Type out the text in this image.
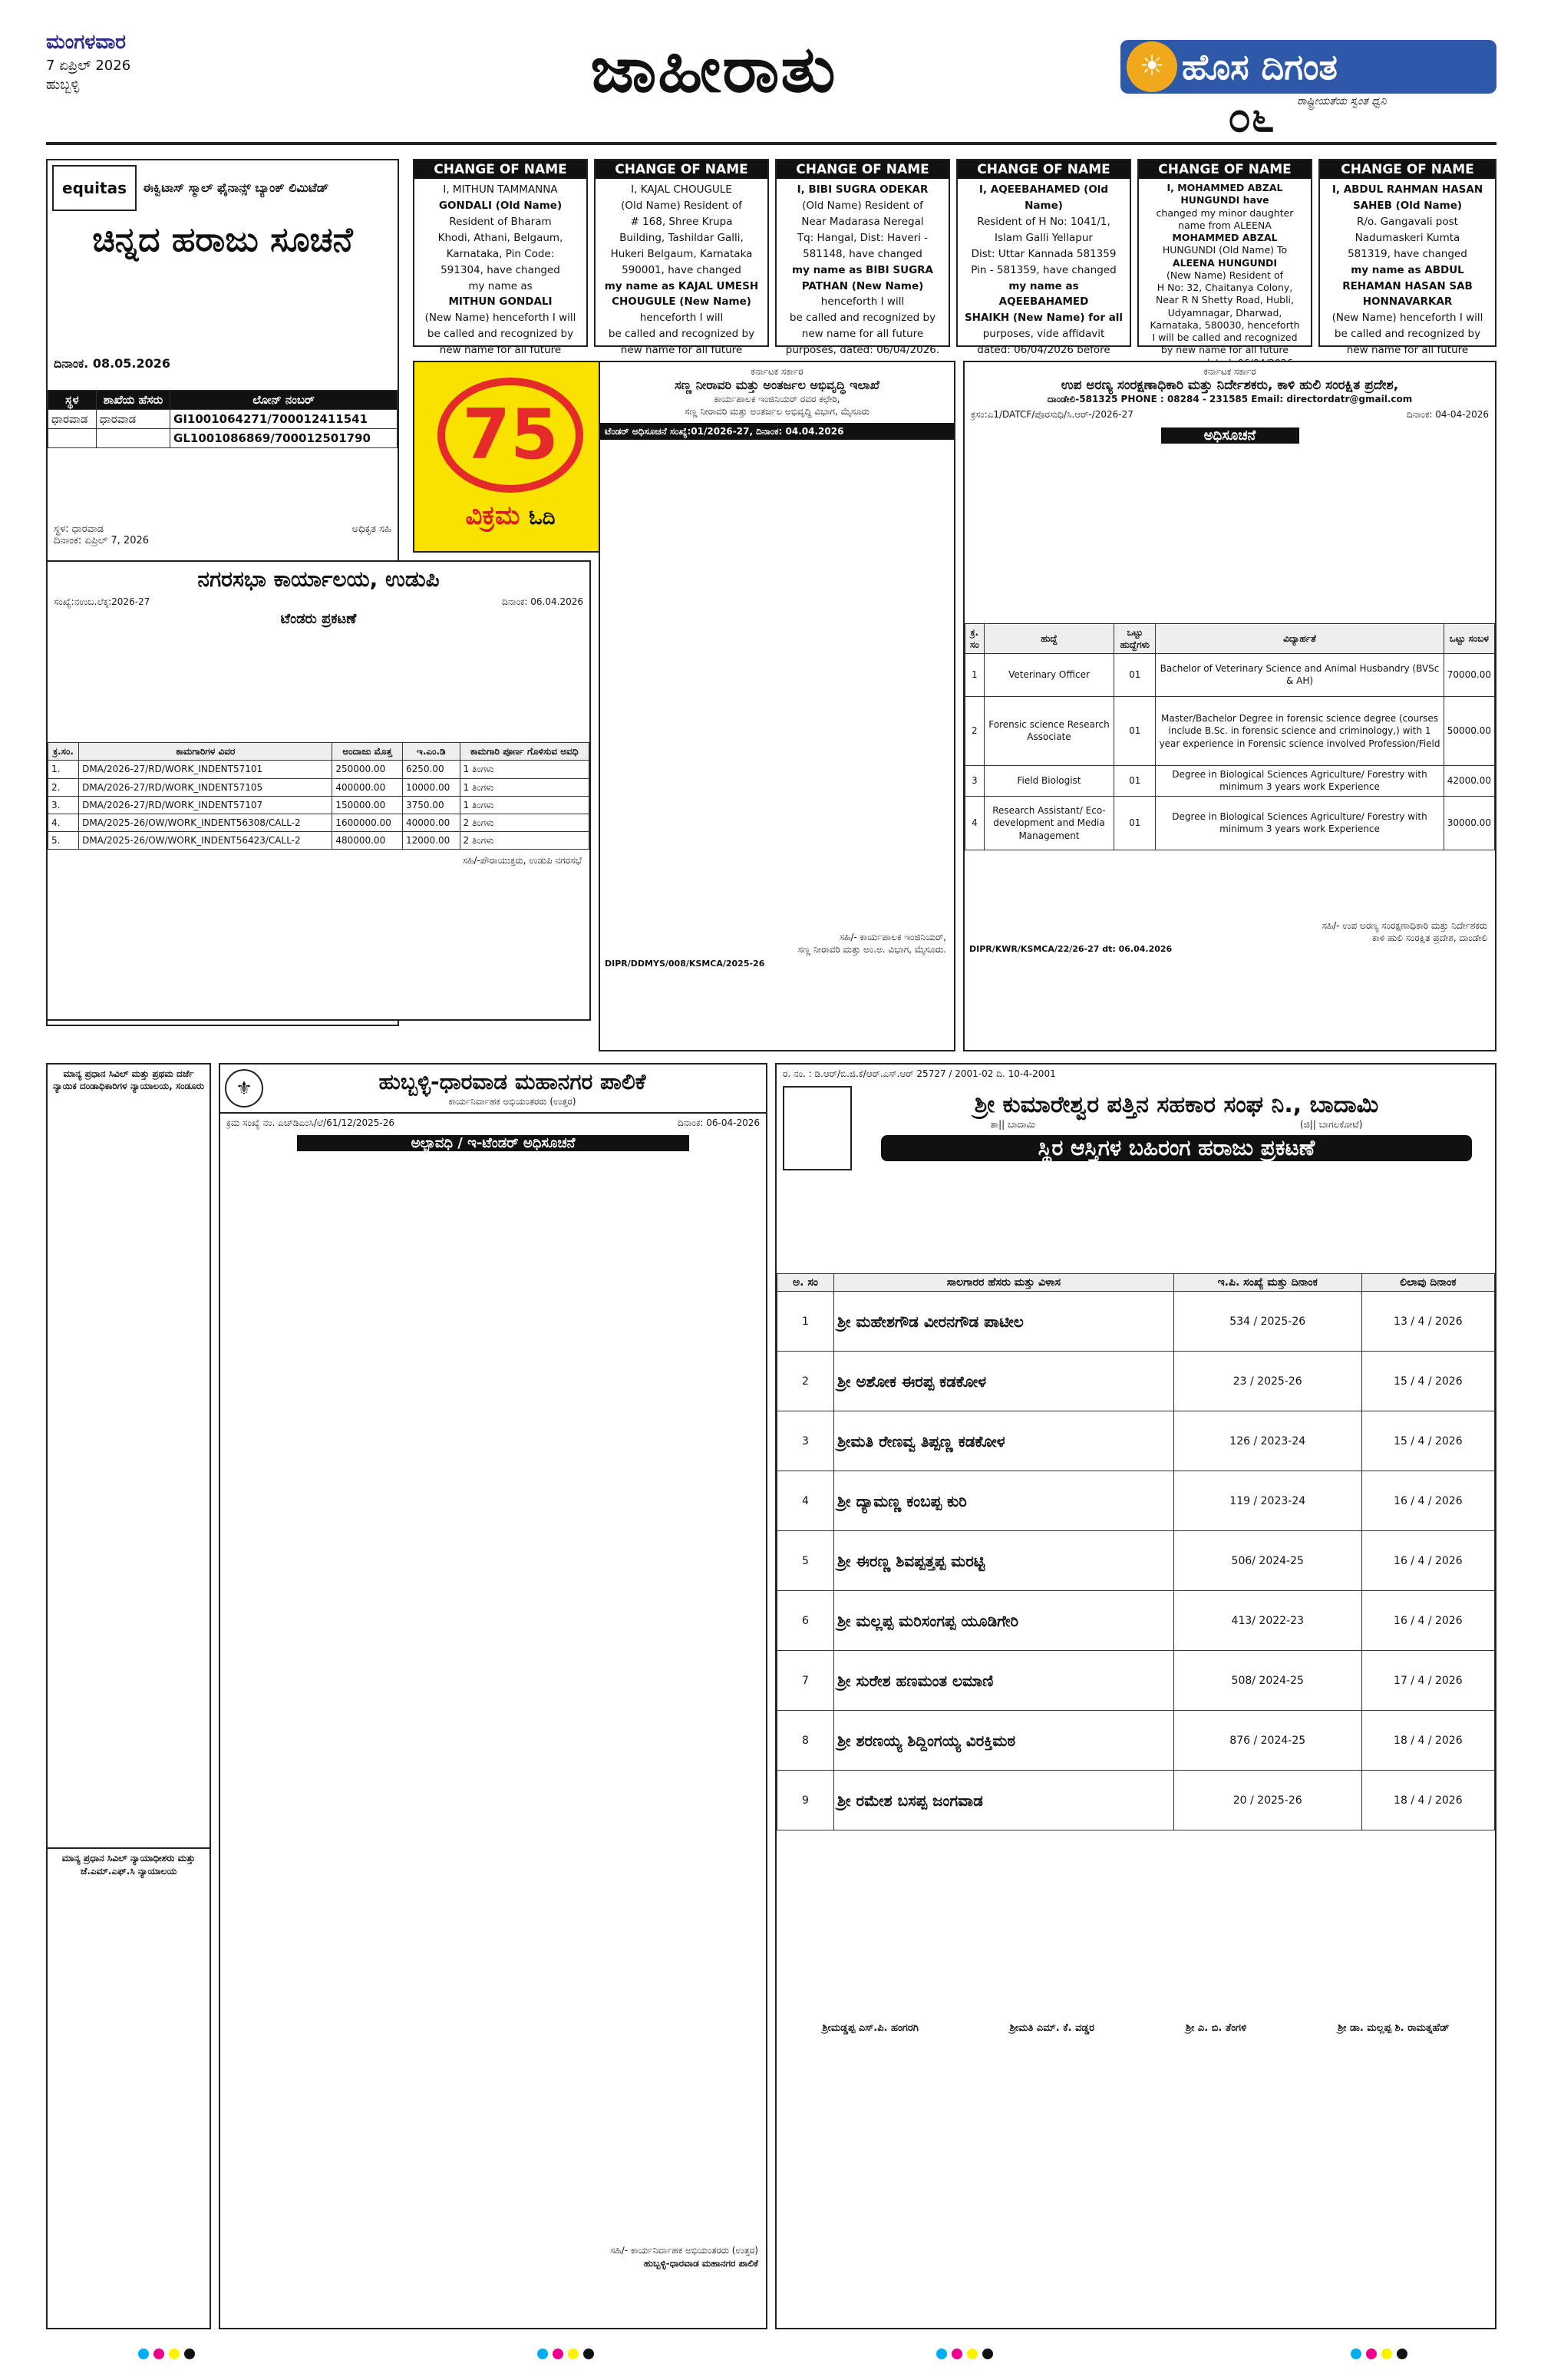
ಮಂಗಳವಾರ
7 ಏಪ್ರಿಲ್ 2026
ಹುಬ್ಬಳ್ಳಿ	ಜಾಹೀರಾತು	ಹೊಸ ದಿಗಂತ
☀
೦೬ ರಾಷ್ಟ್ರೀಯತೆಯ ಸ್ವಂತ ಧ್ವನಿ
equitas	ಈಕ್ವಿಟಾಸ್ ಸ್ಮಾಲ್ ಫೈನಾನ್ಸ್ ಬ್ಯಾಂಕ್ ಲಿಮಿಟೆಡ್
ಚಿನ್ನದ ಹರಾಜು ಸೂಚನೆ
ದಿನಾಂಕ. 08.05.2026
ಸ್ಥಳ	ಶಾಖೆಯ ಹೆಸರು	ಲೋನ್ ನಂಬರ್
ಧಾರವಾಡ	ಧಾರವಾಡ	GI1001064271/700012411541
		GL1001086869/700012501790
ಸ್ಥಳ: ಧಾರವಾಡ
ದಿನಾಂಕ: ಏಪ್ರಿಲ್ 7, 2026
ಅಧಿಕೃತ ಸಹಿ
CHANGE OF NAME
I, MITHUN TAMMANNA
GONDALI (Old Name)
Resident of Bharam
Khodi, Athani, Belgaum,
Karnataka, Pin Code:
591304, have changed
my name as
MITHUN GONDALI
(New Name) henceforth I will
be called and recognized by
new name for all future
CHANGE OF NAME
I, KAJAL CHOUGULE
(Old Name) Resident of
# 168, Shree Krupa
Building, Tashildar Galli,
Hukeri Belgaum, Karnataka
590001, have changed
my name as KAJAL UMESH
CHOUGULE (New Name)
henceforth I will
be called and recognized by
new name for all future
CHANGE OF NAME
I, BIBI SUGRA ODEKAR
(Old Name) Resident of
Near Madarasa Neregal
Tq: Hangal, Dist: Haveri -
581148, have changed
my name as BIBI SUGRA
PATHAN (New Name)
henceforth I will
be called and recognized by
new name for all future
purposes, dated: 06/04/2026.
CHANGE OF NAME
I, AQEEBAHAMED (Old Name)
Resident of H No: 1041/1,
Islam Galli Yellapur
Dist: Uttar Kannada 581359
Pin - 581359, have changed
my name as AQEEBAHAMED
SHAIKH (New Name) for all
purposes, vide affidavit
dated: 06/04/2026 before
CHANGE OF NAME
I, MOHAMMED ABZAL
HUNGUNDI have
changed my minor daughter
name from ALEENA
MOHAMMED ABZAL
HUNGUNDI (Old Name) To
ALEENA HUNGUNDI
(New Name) Resident of
H No: 32, Chaitanya Colony,
Near R N Shetty Road, Hubli,
Udyamnagar, Dharwad,
Karnataka, 580030, henceforth
I will be called and recognized
by new name for all future
CHANGE OF NAME
I, ABDUL RAHMAN HASAN
SAHEB (Old Name)
R/o. Gangavali post
Nadumaskeri Kumta
581319, have changed
my name as ABDUL
REHAMAN HASAN SAB
HONNAVARKAR
(New Name) henceforth I will
be called and recognized by
new name for all future
75
ವಿಕ್ರಮ ಓದಿ
ಕರ್ನಾಟಕ ಸರ್ಕಾರ
ಸಣ್ಣ ನೀರಾವರಿ ಮತ್ತು ಅಂತರ್ಜಲ ಅಭಿವೃದ್ಧಿ ಇಲಾಖೆ
ಕಾರ್ಯಪಾಲಕ ಇಂಜಿನಿಯರ್ ರವರ ಕಛೇರಿ,
ಸಣ್ಣ ನೀರಾವರಿ ಮತ್ತು ಅಂತರ್ಜಲ ಅಭಿವೃದ್ಧಿ ವಿಭಾಗ, ಮೈಸೂರು
ಟೆಂಡರ್ ಅಧಿಸೂಚನೆ ಸಂಖ್ಯೆ:01/2026-27, ದಿನಾಂಕ: 04.04.2026
ಸಹಿ/- ಕಾರ್ಯಪಾಲಕ ಇಂಜಿನಿಯರ್,
ಸಣ್ಣ ನೀರಾವರಿ ಮತ್ತು ಅಂ.ಅ. ವಿಭಾಗ, ಮೈಸೂರು.
DIPR/DDMYS/008/KSMCA/2025-26
ಕರ್ನಾಟಕ ಸರ್ಕಾರ
ಉಪ ಅರಣ್ಯ ಸಂರಕ್ಷಣಾಧಿಕಾರಿ ಮತ್ತು ನಿರ್ದೇಶಕರು, ಕಾಳಿ ಹುಲಿ ಸಂರಕ್ಷಿತ ಪ್ರದೇಶ,
ದಾಂಡೇಲಿ-581325 PHONE : 08284 - 231585 Email: directordatr@gmail.com
ಕ್ರಸಂ:ಎ1/DATCF/ಪೊರಸುಧಿ/ಸಿ.ಆರ್-/2026-27	ದಿನಾಂಕ: 04-04-2026
ಅಧಿಸೂಚನೆ
ಕ್ರ. ಸಂ	ಹುದ್ದೆ	ಒಟ್ಟು ಹುದ್ದೆಗಳು	ವಿದ್ಯಾರ್ಹತೆ	ಒಟ್ಟು ಸಂಬಳ
1	Veterinary Officer	01	Bachelor of Veterinary Science and Animal Husbandry (BVSc & AH)	70000.00
2	Forensic science Research Associate	01	Master/Bachelor Degree in forensic science degree (courses include B.Sc. in forensic science and criminology,) with 1 year experience in Forensic science involved Profession/Field	50000.00
3	Field Biologist	01	Degree in Biological Sciences Agriculture/ Forestry with minimum 3 years work Experience	42000.00
4	Research Assistant/ Eco-development and Media Management	01	Degree in Biological Sciences Agriculture/ Forestry with minimum 3 years work Experience	30000.00
ಸಹಿ/- ಉಪ ಅರಣ್ಯ ಸಂರಕ್ಷಣಾಧಿಕಾರಿ ಮತ್ತು ನಿರ್ದೇಶಕರು
ಕಾಳಿ ಹುಲಿ ಸಂರಕ್ಷಿತ ಪ್ರದೇಶ, ದಾಂಡೇಲಿ
DIPR/KWR/KSMCA/22/26-27 dt: 06.04.2026
ನಗರಸಭಾ ಕಾರ್ಯಾಲಯ, ಉಡುಪಿ
ಸಂಖ್ಯೆ:ನಉಬ.ಲೆಕ್ಕ:2026-27	ದಿನಾಂಕ: 06.04.2026
ಟೆಂಡರು ಪ್ರಕಟಣೆ
ಕ್ರ.ಸಂ.	ಕಾಮಗಾರಿಗಳ ವಿವರ	ಅಂದಾಜು ಮೊತ್ತ	ಇ.ಎಂ.ಡಿ	ಕಾಮಗಾರಿ ಪೂರ್ಣ ಗೊಳಿಸುವ ಅವಧಿ
1.	DMA/2026-27/RD/WORK_INDENT57101	250000.00	6250.00	1 ತಿಂಗಳು
2.	DMA/2026-27/RD/WORK_INDENT57105	400000.00	10000.00	1 ತಿಂಗಳು
3.	DMA/2026-27/RD/WORK_INDENT57107	150000.00	3750.00	1 ತಿಂಗಳು
4.	DMA/2025-26/OW/WORK_INDENT56308/CALL-2	1600000.00	40000.00	2 ತಿಂಗಳು
5.	DMA/2025-26/OW/WORK_INDENT56423/CALL-2	480000.00	12000.00	2 ತಿಂಗಳು
ಸಹಿ/-ಪೌರಾಯುಕ್ತರು, ಉಡುಪಿ ನಗರಸಭೆ
ಮಾನ್ಯ ಪ್ರಧಾನ ಸಿವಿಲ್ ಮತ್ತು ಪ್ರಥಮ ದರ್ಜೆ ನ್ಯಾಯಿಕ ದಂಡಾಧಿಕಾರಿಗಳ ನ್ಯಾಯಾಲಯ, ಸಂಡೂರು
ಮಾನ್ಯ ಪ್ರಧಾನ ಸಿವಿಲ್ ನ್ಯಾಯಾಧೀಶರು ಮತ್ತು ಜೆ.ಎಮ್.ಎಫ್.ಸಿ ನ್ಯಾಯಾಲಯ
⚜	ಹುಬ್ಬಳ್ಳಿ-ಧಾರವಾಡ ಮಹಾನಗರ ಪಾಲಿಕೆ
ಕಾರ್ಯನಿರ್ವಾಹಕ ಅಭಿಯಂತರರು (ಉತ್ತರ)
ಕ್ರಮ ಸಂಖ್ಯೆ ನಂ. ಎಚ್‌ಡಿಎಂಸಿ/ಲೆ/61/12/2025-26	ದಿನಾಂಕ: 06-04-2026
ಅಲ್ಪಾವಧಿ / ಇ-ಟೆಂಡರ್ ಅಧಿಸೂಚನೆ
ಸಹಿ/- ಕಾರ್ಯನಿರ್ವಾಹಕ ಅಭಿಯಂತರರು (ಉತ್ತರ)
ಹುಬ್ಬಳ್ಳಿ-ಧಾರವಾಡ ಮಹಾನಗರ ಪಾಲಿಕೆ
ರ. ನಂ. : ಡಿ.ಆರ್/ಬಿ.ಜಿ.ಕೆ/ಆರ್.ಎಸ್.ಆರ್ 25727 / 2001-02 ದಿ. 10-4-2001
ಶ್ರೀ ಕುಮಾರೇಶ್ವರ ಪತ್ತಿನ ಸಹಕಾರ ಸಂಘ ನಿ., ಬಾದಾಮಿ
ತಾ|| ಬಾದಾಮಿ	(ಜಿ|| ಬಾಗಲಕೋಟೆ)
ಸ್ಥಿರ ಆಸ್ತಿಗಳ ಬಹಿರಂಗ ಹರಾಜು ಪ್ರಕಟಣೆ
ಅ. ಸಂ	ಸಾಲಗಾರರ ಹೆಸರು ಮತ್ತು ವಿಳಾಸ	ಇ.ಪಿ. ಸಂಖ್ಯೆ ಮತ್ತು ದಿನಾಂಕ	ಲಿಲಾವು ದಿನಾಂಕ
1	ಶ್ರೀ ಮಹೇಶಗೌಡ ವೀರನಗೌಡ ಪಾಟೀಲ	534 / 2025-26	13 / 4 / 2026
2	ಶ್ರೀ ಅಶೋಕ ಈರಪ್ಪ ಕಡಕೋಳ	23 / 2025-26	15 / 4 / 2026
3	ಶ್ರೀಮತಿ ರೇಣವ್ವ ತಿಪ್ಪಣ್ಣ ಕಡಕೋಳ	126 / 2023-24	15 / 4 / 2026
4	ಶ್ರೀ ದ್ಯಾಮಣ್ಣ ಕಂಬಪ್ಪ ಕುರಿ	119 / 2023-24	16 / 4 / 2026
5	ಶ್ರೀ ಈರಣ್ಣ ಶಿವಪ್ಪತ್ತಪ್ಪ ಮರಟ್ಟಿ	506/ 2024-25	16 / 4 / 2026
6	ಶ್ರೀ ಮಲ್ಲಪ್ಪ ಮರಿಸಂಗಪ್ಪ ಯೂಡಿಗೇರಿ	413/ 2022-23	16 / 4 / 2026
7	ಶ್ರೀ ಸುರೇಶ ಹಣಮಂತ ಲಮಾಣಿ	508/ 2024-25	17 / 4 / 2026
8	ಶ್ರೀ ಶರಣಯ್ಯ ಶಿದ್ದಿಂಗಯ್ಯ ವಿರಕ್ತಿಮಠ	876 / 2024-25	18 / 4 / 2026
9	ಶ್ರೀ ರಮೇಶ ಬಸಪ್ಪ ಜಂಗವಾಡ	20 / 2025-26	18 / 4 / 2026
ಶ್ರೀಮಡ್ಡಪ್ಪ ಎಸ್.ಪಿ. ಹಂಗರಗಿ	ಶ್ರೀಮತಿ ಎಮ್. ಕೆ. ವಡ್ಡರ	ಶ್ರೀ ಎ. ಬಿ. ತೆಂಗಳಿ	ಶ್ರೀ ಡಾ. ಮಲ್ಲಪ್ಪ ಶಿ. ರಾಮತ್ನಹೆಡ್
